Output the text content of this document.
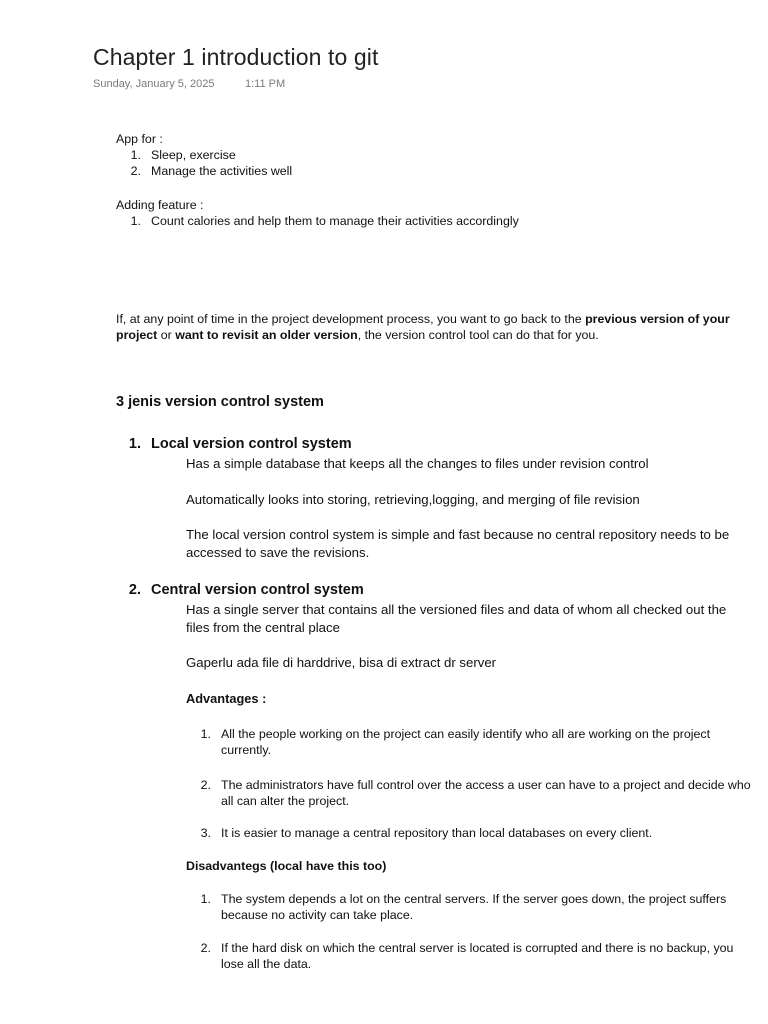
Chapter 1 introduction to git
Sunday, January 5, 2025	1:11 PM
App for :
1. Sleep, exercise
2. Manage the activities well
Adding feature :
1. Count calories and help them to manage their activities accordingly
If, at any point of time in the project development process, you want to go back to the previous version of your project or want to revisit an older version, the version control tool can do that for you.
3 jenis version control system
1. Local version control system
Has a simple database that keeps all the changes to files under revision control
Automatically looks into storing, retrieving,logging, and merging of file revision
The local version control system is simple and fast because no central repository needs to be accessed to save the revisions.
2. Central version control system
Has a single server that contains all the versioned files and data of whom all checked out the files from the central place
Gaperlu ada file di harddrive, bisa di extract dr server
Advantages :
1. All the people working on the project can easily identify who all are working on the project currently.
2. The administrators have full control over the access a user can have to a project and decide who all can alter the project.
3. It is easier to manage a central repository than local databases on every client.
Disadvantegs (local have this too)
1. The system depends a lot on the central servers. If the server goes down, the project suffers because no activity can take place.
2. If the hard disk on which the central server is located is corrupted and there is no backup, you lose all the data.
